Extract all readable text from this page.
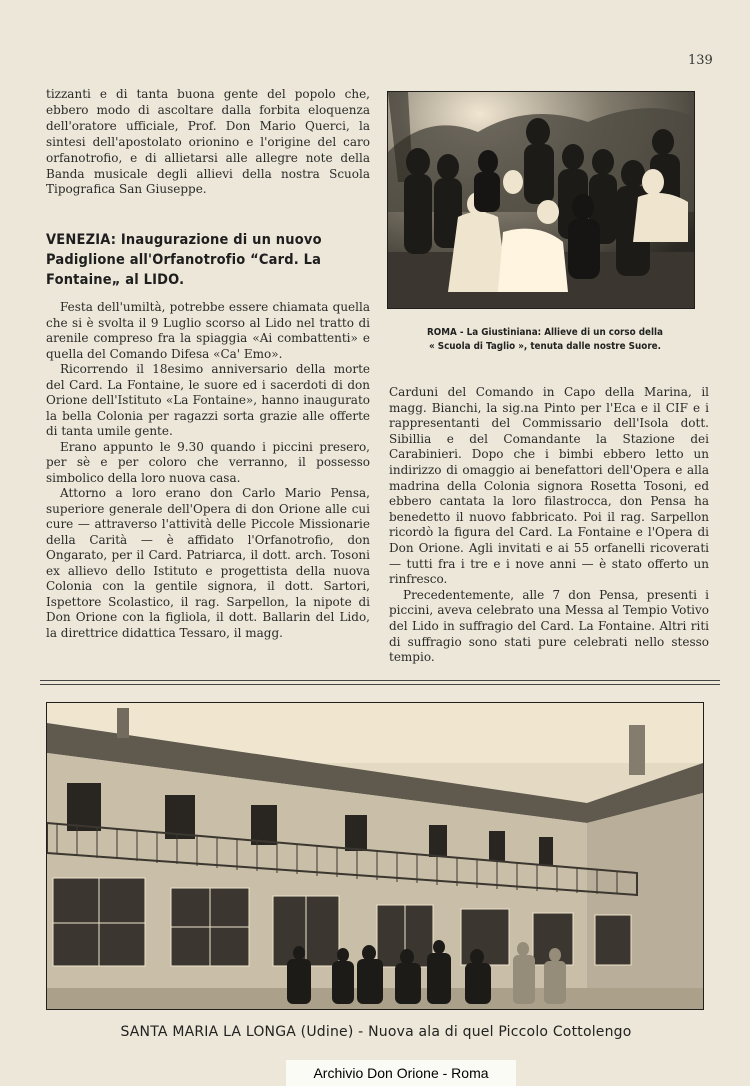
139

tizzanti e di tanta buona gente del popolo che, ebbero modo di ascoltare dalla forbita eloquenza dell'oratore ufficiale, Prof. Don Mario Querci, la sintesi dell'apostolato orionino e l'origine del caro orfanotrofio, e di allietarsi alle allegre note della Banda musicale degli allievi della nostra Scuola Tipografica San Giuseppe.

VENEZIA: Inaugurazione di un nuovo Padiglione all'Orfanotrofio “Card. La Fontaine„ al LIDO.

Festa dell'umiltà, potrebbe essere chiamata quella che si è svolta il 9 Luglio scorso al Lido nel tratto di arenile compreso fra la spiaggia «Ai combattenti» e quella del Comando Difesa «Ca' Emo».

Ricorrendo il 18esimo anniversario della morte del Card. La Fontaine, le suore ed i sacerdoti di don Orione dell'Istituto «La Fontaine», hanno inaugurato la bella Colonia per ragazzi sorta grazie alle offerte di tanta umile gente.

Erano appunto le 9.30 quando i piccini presero, per sè e per coloro che verranno, il possesso simbolico della loro nuova casa.

Attorno a loro erano don Carlo Mario Pensa, superiore generale dell'Opera di don Orione alle cui cure — attraverso l'attività delle Piccole Missionarie della Carità — è affidato l'Orfanotrofio, don Ongarato, per il Card. Patriarca, il dott. arch. Tosoni ex allievo dello Istituto e progettista della nuova Colonia con la gentile signora, il dott. Sartori, Ispettore Scolastico, il rag. Sarpellon, la nipote di Don Orione con la figliola, il dott. Ballarin del Lido, la direttrice didattica Tessaro, il magg.

Carduni del Comando in Capo della Marina, il magg. Bianchi, la sig.na Pinto per l'Eca e il CIF e i rappresentanti del Commissario dell'Isola dott. Sibillia e del Comandante la Stazione dei Carabinieri. Dopo che i bimbi ebbero letto un indirizzo di omaggio ai benefattori dell'Opera e alla madrina della Colonia signora Rosetta Tosoni, ed ebbero cantata la loro filastrocca, don Pensa ha benedetto il nuovo fabbricato. Poi il rag. Sarpellon ricordò la figura del Card. La Fontaine e l'Opera di Don Orione. Agli invitati e ai 55 orfanelli ricoverati — tutti fra i tre e i nove anni — è stato offerto un rinfresco.

Precedentemente, alle 7 don Pensa, presenti i piccini, aveva celebrato una Messa al Tempio Votivo del Lido in suffragio del Card. La Fontaine. Altri riti di suffragio sono stati pure celebrati nello stesso tempio.

ROMA - La Giustiniana: Allieve di un corso della
« Scuola di Taglio », tenuta dalle nostre Suore.
SANTA MARIA LA LONGA (Udine) - Nuova ala di quel Piccolo Cottolengo
Archivio Don Orione - Roma
